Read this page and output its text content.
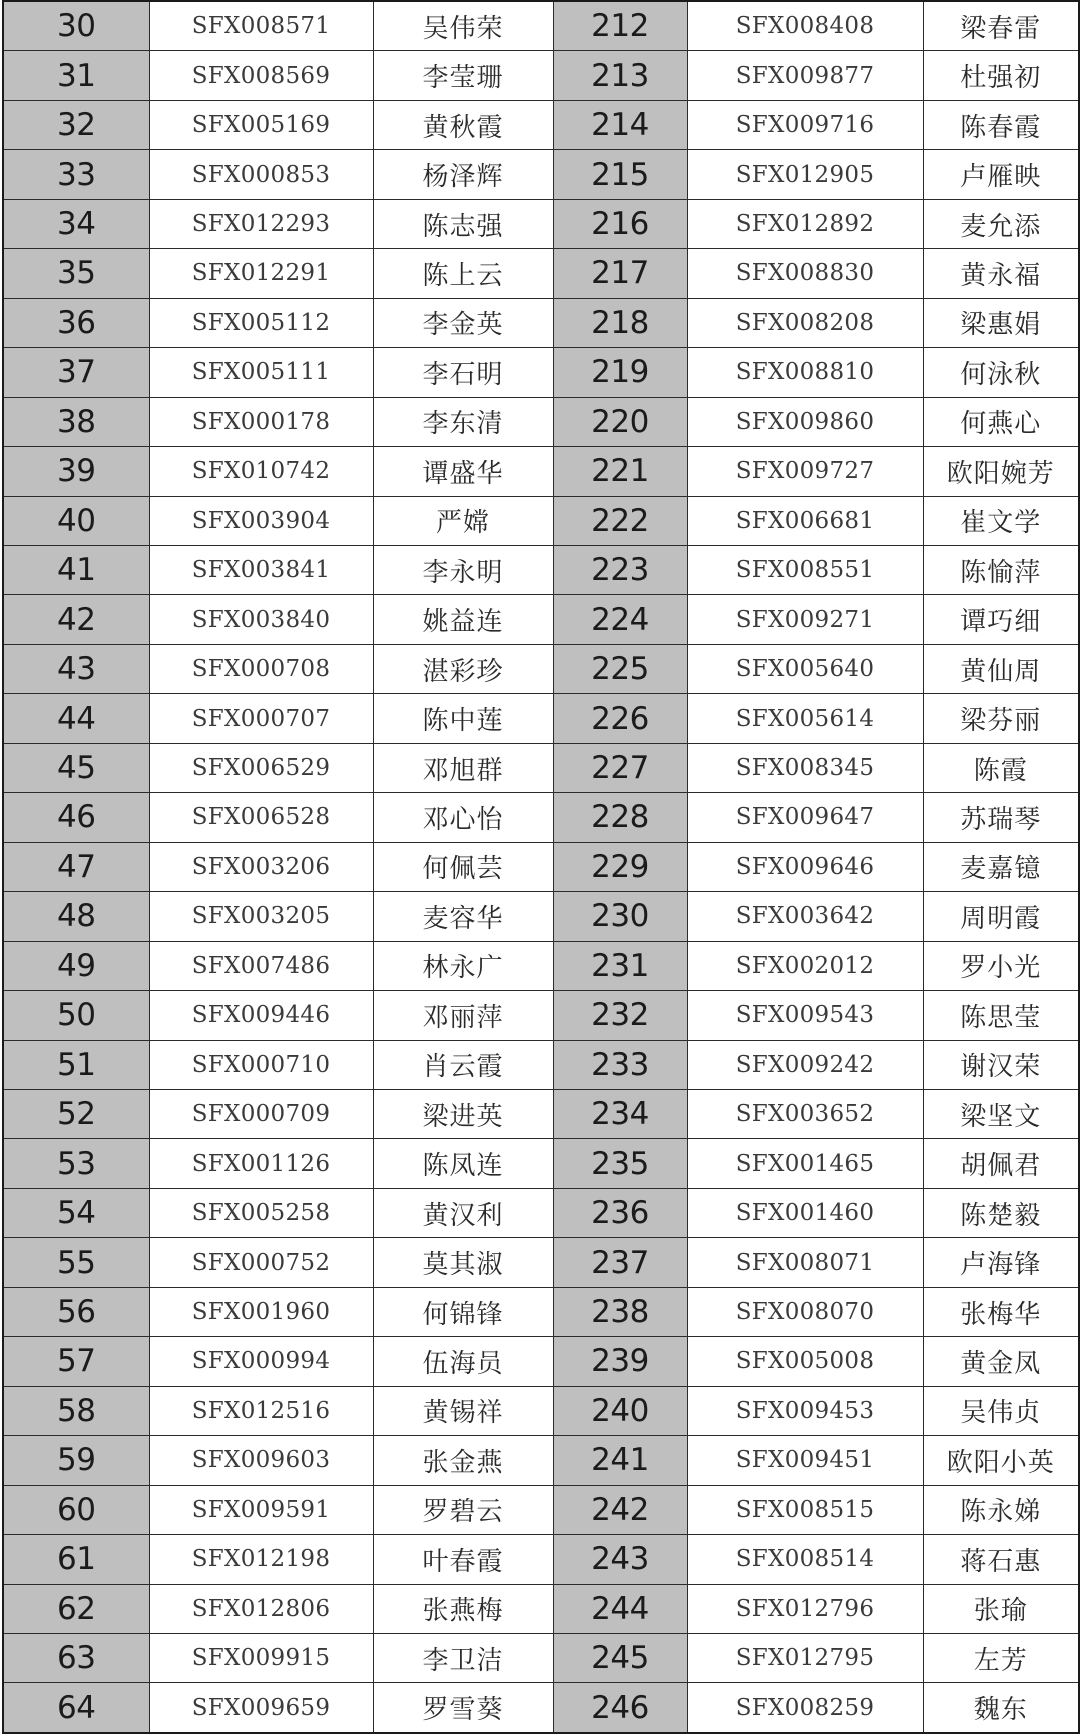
30	SFX008571	吴伟荣	212	SFX008408	梁春雷
31	SFX008569	李莹珊	213	SFX009877	杜强初
32	SFX005169	黄秋霞	214	SFX009716	陈春霞
33	SFX000853	杨泽辉	215	SFX012905	卢雁映
34	SFX012293	陈志强	216	SFX012892	麦允添
35	SFX012291	陈上云	217	SFX008830	黄永福
36	SFX005112	李金英	218	SFX008208	梁惠娟
37	SFX005111	李石明	219	SFX008810	何泳秋
38	SFX000178	李东清	220	SFX009860	何燕心
39	SFX010742	谭盛华	221	SFX009727	欧阳婉芳
40	SFX003904	严嫦	222	SFX006681	崔文学
41	SFX003841	李永明	223	SFX008551	陈愉萍
42	SFX003840	姚益连	224	SFX009271	谭巧细
43	SFX000708	湛彩珍	225	SFX005640	黄仙周
44	SFX000707	陈中莲	226	SFX005614	梁芬丽
45	SFX006529	邓旭群	227	SFX008345	陈霞
46	SFX006528	邓心怡	228	SFX009647	苏瑞琴
47	SFX003206	何佩芸	229	SFX009646	麦嘉镱
48	SFX003205	麦容华	230	SFX003642	周明霞
49	SFX007486	林永广	231	SFX002012	罗小光
50	SFX009446	邓丽萍	232	SFX009543	陈思莹
51	SFX000710	肖云霞	233	SFX009242	谢汉荣
52	SFX000709	梁进英	234	SFX003652	梁坚文
53	SFX001126	陈凤连	235	SFX001465	胡佩君
54	SFX005258	黄汉利	236	SFX001460	陈楚毅
55	SFX000752	莫其淑	237	SFX008071	卢海锋
56	SFX001960	何锦锋	238	SFX008070	张梅华
57	SFX000994	伍海员	239	SFX005008	黄金凤
58	SFX012516	黄锡祥	240	SFX009453	吴伟贞
59	SFX009603	张金燕	241	SFX009451	欧阳小英
60	SFX009591	罗碧云	242	SFX008515	陈永娣
61	SFX012198	叶春霞	243	SFX008514	蒋石惠
62	SFX012806	张燕梅	244	SFX012796	张瑜
63	SFX009915	李卫洁	245	SFX012795	左芳
64	SFX009659	罗雪葵	246	SFX008259	魏东
